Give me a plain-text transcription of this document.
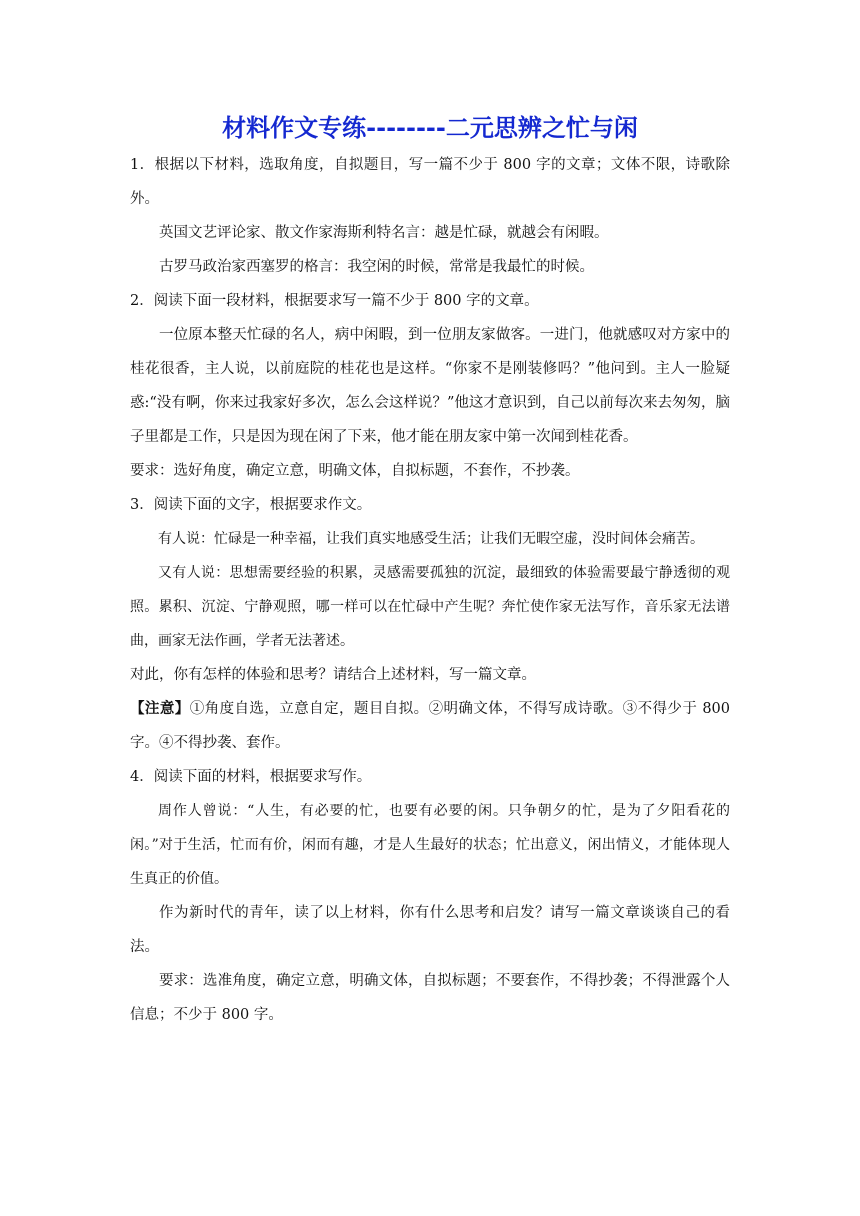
材料作文专练--------二元思辨之忙与闲

1．根据以下材料，选取角度，自拟题目，写一篇不少于 800 字的文章；文体不限，诗歌除外。

英国文艺评论家、散文作家海斯利特名言：越是忙碌，就越会有闲暇。

古罗马政治家西塞罗的格言：我空闲的时候，常常是我最忙的时候。

2．阅读下面一段材料，根据要求写一篇不少于 800 字的文章。

一位原本整天忙碌的名人，病中闲暇，到一位朋友家做客。一进门，他就感叹对方家中的桂花很香，主人说，以前庭院的桂花也是这样。“你家不是刚装修吗？”他问到。主人一脸疑惑:“没有啊，你来过我家好多次，怎么会这样说？”他这才意识到，自己以前每次来去匆匆，脑子里都是工作，只是因为现在闲了下来，他才能在朋友家中第一次闻到桂花香。

要求：选好角度，确定立意，明确文体，自拟标题，不套作，不抄袭。

3．阅读下面的文字，根据要求作文。

有人说：忙碌是一种幸福，让我们真实地感受生活；让我们无暇空虚，没时间体会痛苦。

又有人说：思想需要经验的积累，灵感需要孤独的沉淀，最细致的体验需要最宁静透彻的观照。累积、沉淀、宁静观照，哪一样可以在忙碌中产生呢？奔忙使作家无法写作，音乐家无法谱曲，画家无法作画，学者无法著述。

对此，你有怎样的体验和思考？请结合上述材料，写一篇文章。

【注意】①角度自选，立意自定，题目自拟。②明确文体，不得写成诗歌。③不得少于 800 字。④不得抄袭、套作。

4．阅读下面的材料，根据要求写作。

周作人曾说：“人生，有必要的忙，也要有必要的闲。只争朝夕的忙，是为了夕阳看花的闲。”对于生活，忙而有价，闲而有趣，才是人生最好的状态；忙出意义，闲出情义，才能体现人生真正的价值。

作为新时代的青年，读了以上材料，你有什么思考和启发？请写一篇文章谈谈自己的看法。

要求：选准角度，确定立意，明确文体，自拟标题；不要套作，不得抄袭；不得泄露个人信息；不少于 800 字。
